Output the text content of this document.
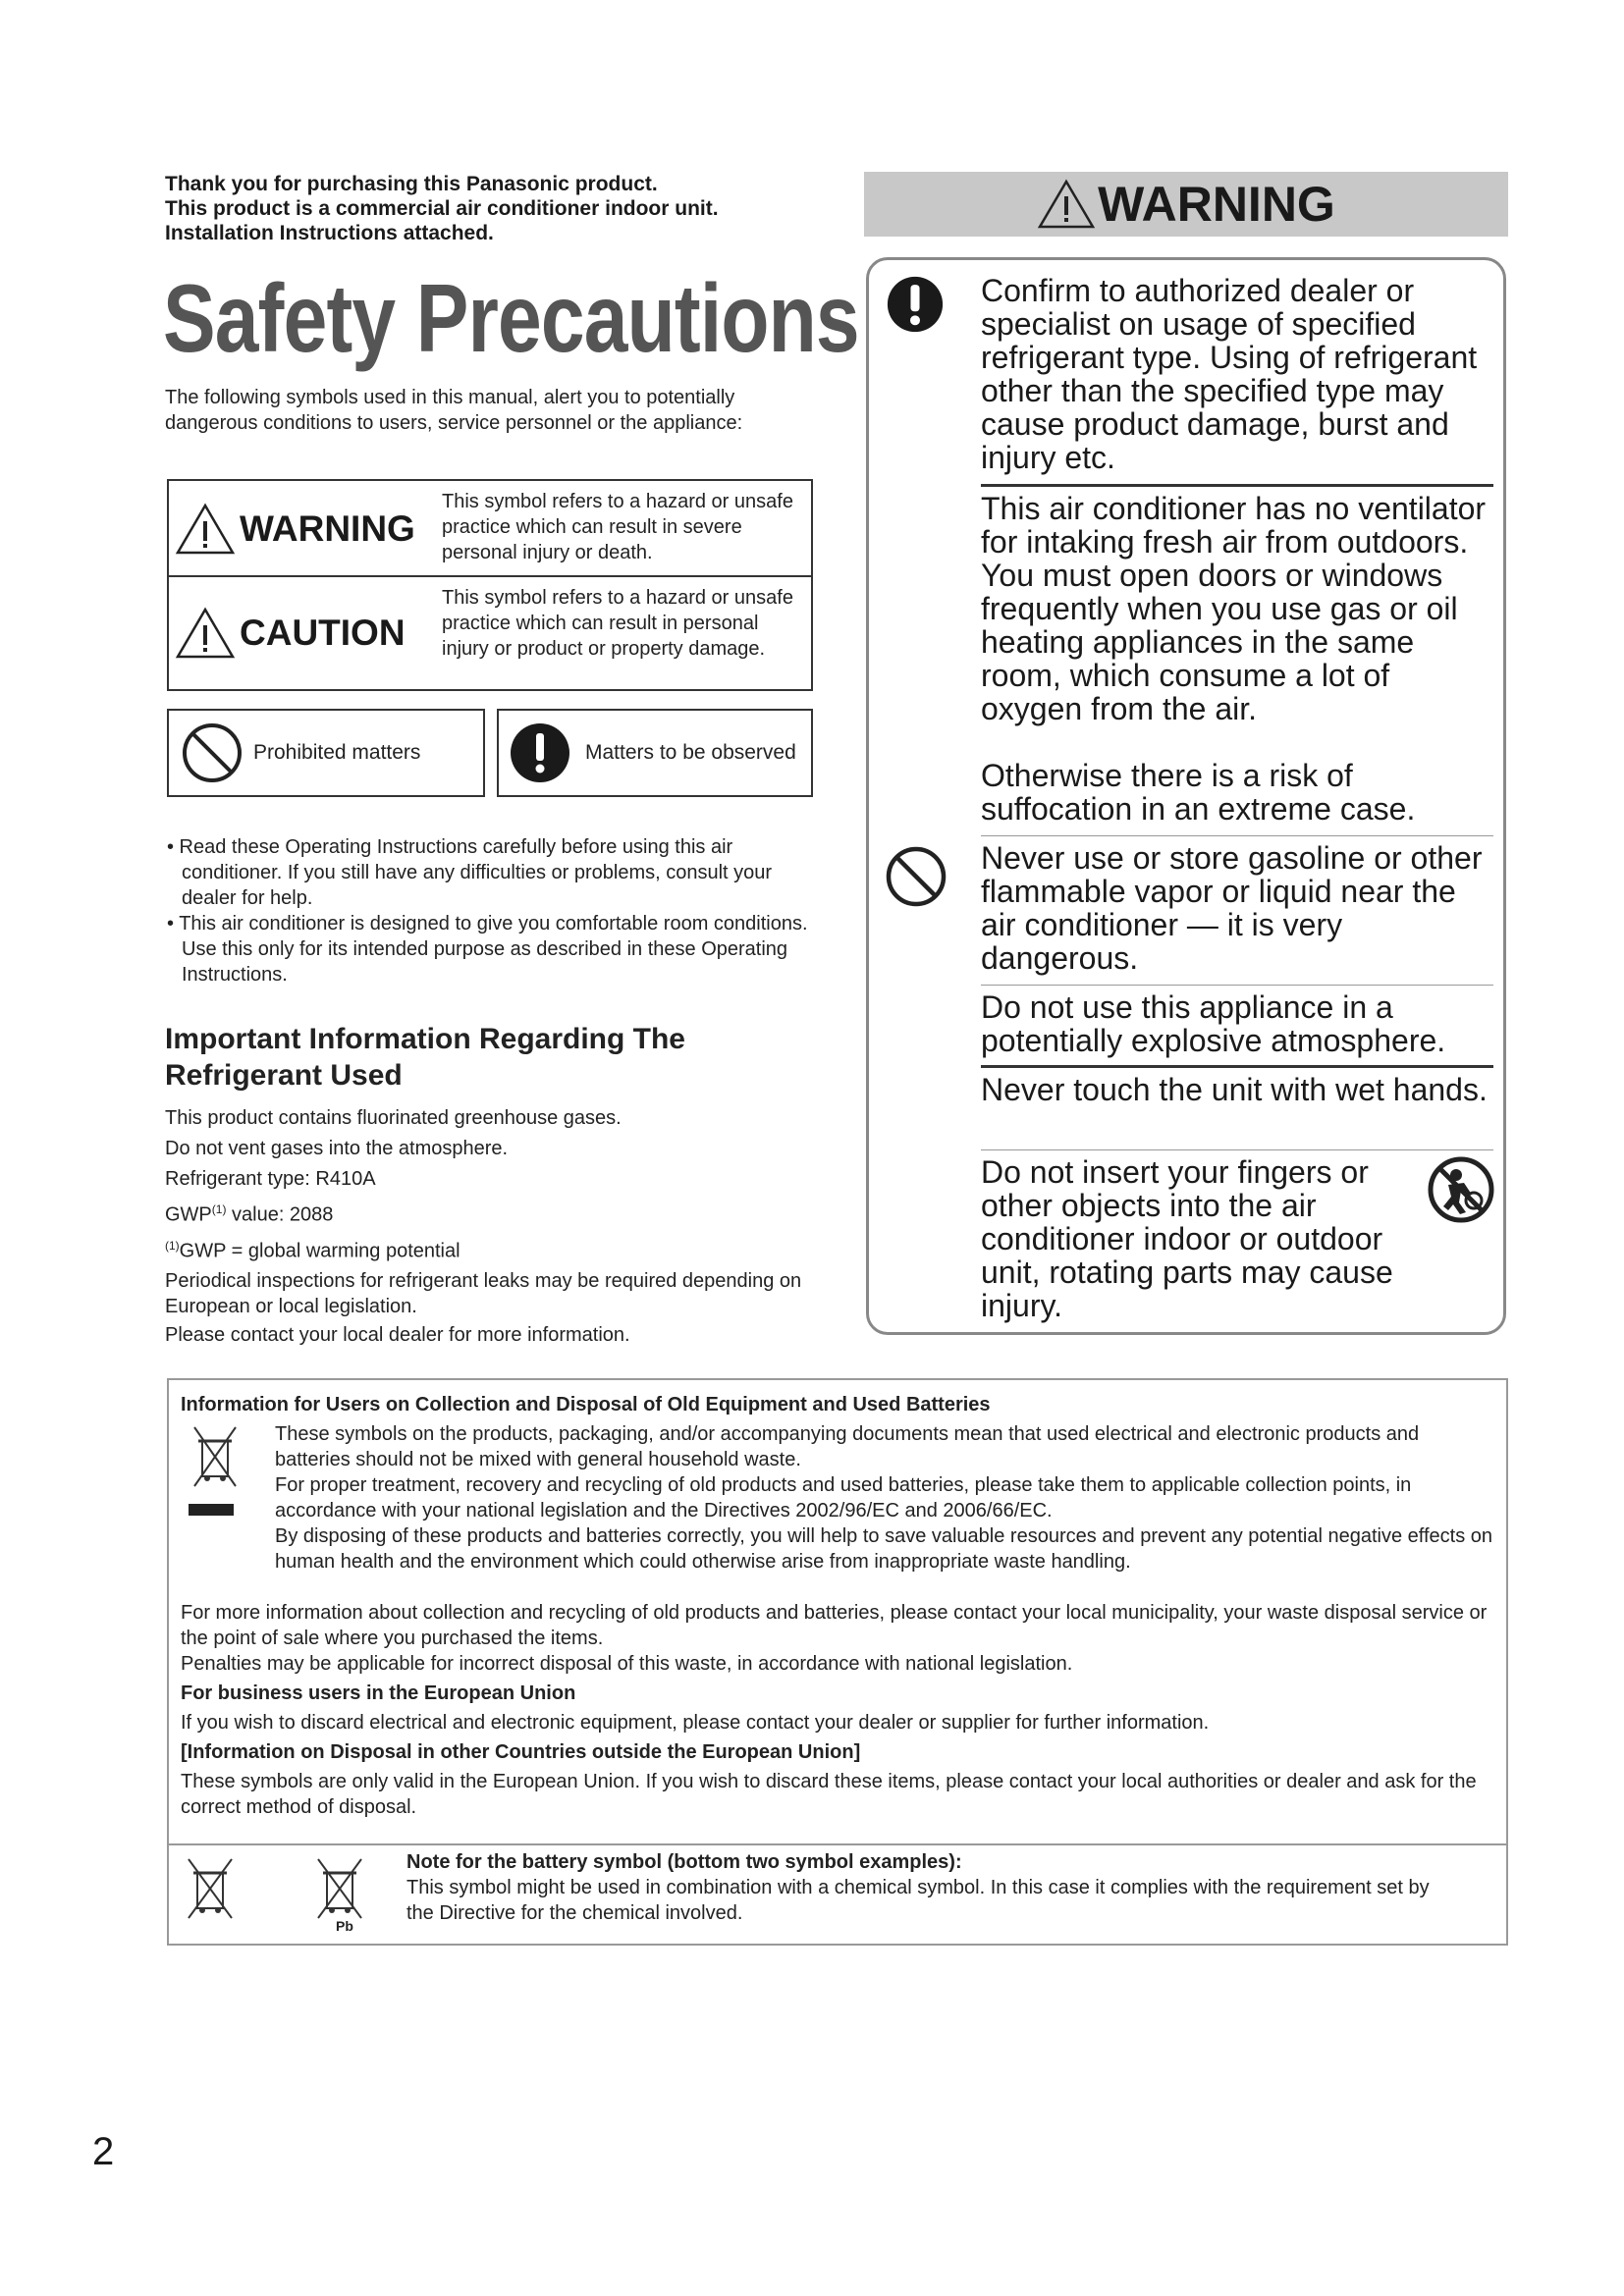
Thank you for purchasing this Panasonic product.
This product is a commercial air conditioner indoor unit.
Installation Instructions attached.
Safety Precautions
The following symbols used in this manual, alert you to potentially dangerous conditions to users, service personnel or the appliance:
WARNING
This symbol refers to a hazard or unsafe practice which can result in severe personal injury or death.
CAUTION
This symbol refers to a hazard or unsafe practice which can result in personal injury or product or property damage.
Prohibited matters	Matters to be observed
• Read these Operating Instructions carefully before using this air conditioner. If you still have any difficulties or problems, consult your dealer for help.
• This air conditioner is designed to give you comfortable room conditions. Use this only for its intended purpose as described in these Operating Instructions.
Important Information Regarding The Refrigerant Used
This product contains fluorinated greenhouse gases.
Do not vent gases into the atmosphere.
Refrigerant type: R410A
GWP$^{(1)}$ value: 2088
$^{(1)}$GWP = global warming potential
Periodical inspections for refrigerant leaks may be required depending on European or local legislation.
Please contact your local dealer for more information.
WARNING
Confirm to authorized dealer or specialist on usage of specified refrigerant type. Using of refrigerant other than the specified type may cause product damage, burst and injury etc.
This air conditioner has no ventilator for intaking fresh air from outdoors. You must open doors or windows frequently when you use gas or oil heating appliances in the same room, which consume a lot of oxygen from the air.
Otherwise there is a risk of suffocation in an extreme case.
Never use or store gasoline or other flammable vapor or liquid near the air conditioner — it is very dangerous.
Do not use this appliance in a potentially explosive atmosphere.
Never touch the unit with wet hands.
Do not insert your fingers or other objects into the air conditioner indoor or outdoor unit, rotating parts may cause injury.
Information for Users on Collection and Disposal of Old Equipment and Used Batteries
These symbols on the products, packaging, and/or accompanying documents mean that used electrical and electronic products and batteries should not be mixed with general household waste.
For proper treatment, recovery and recycling of old products and used batteries, please take them to applicable collection points, in accordance with your national legislation and the Directives 2002/96/EC and 2006/66/EC.
By disposing of these products and batteries correctly, you will help to save valuable resources and prevent any potential negative effects on human health and the environment which could otherwise arise from inappropriate waste handling.
For more information about collection and recycling of old products and batteries, please contact your local municipality, your waste disposal service or the point of sale where you purchased the items.
Penalties may be applicable for incorrect disposal of this waste, in accordance with national legislation.
For business users in the European Union
If you wish to discard electrical and electronic equipment, please contact your dealer or supplier for further information.
[Information on Disposal in other Countries outside the European Union]
These symbols are only valid in the European Union. If you wish to discard these items, please contact your local authorities or dealer and ask for the correct method of disposal.
Pb
Note for the battery symbol (bottom two symbol examples):
This symbol might be used in combination with a chemical symbol. In this case it complies with the requirement set by the Directive for the chemical involved.
2
